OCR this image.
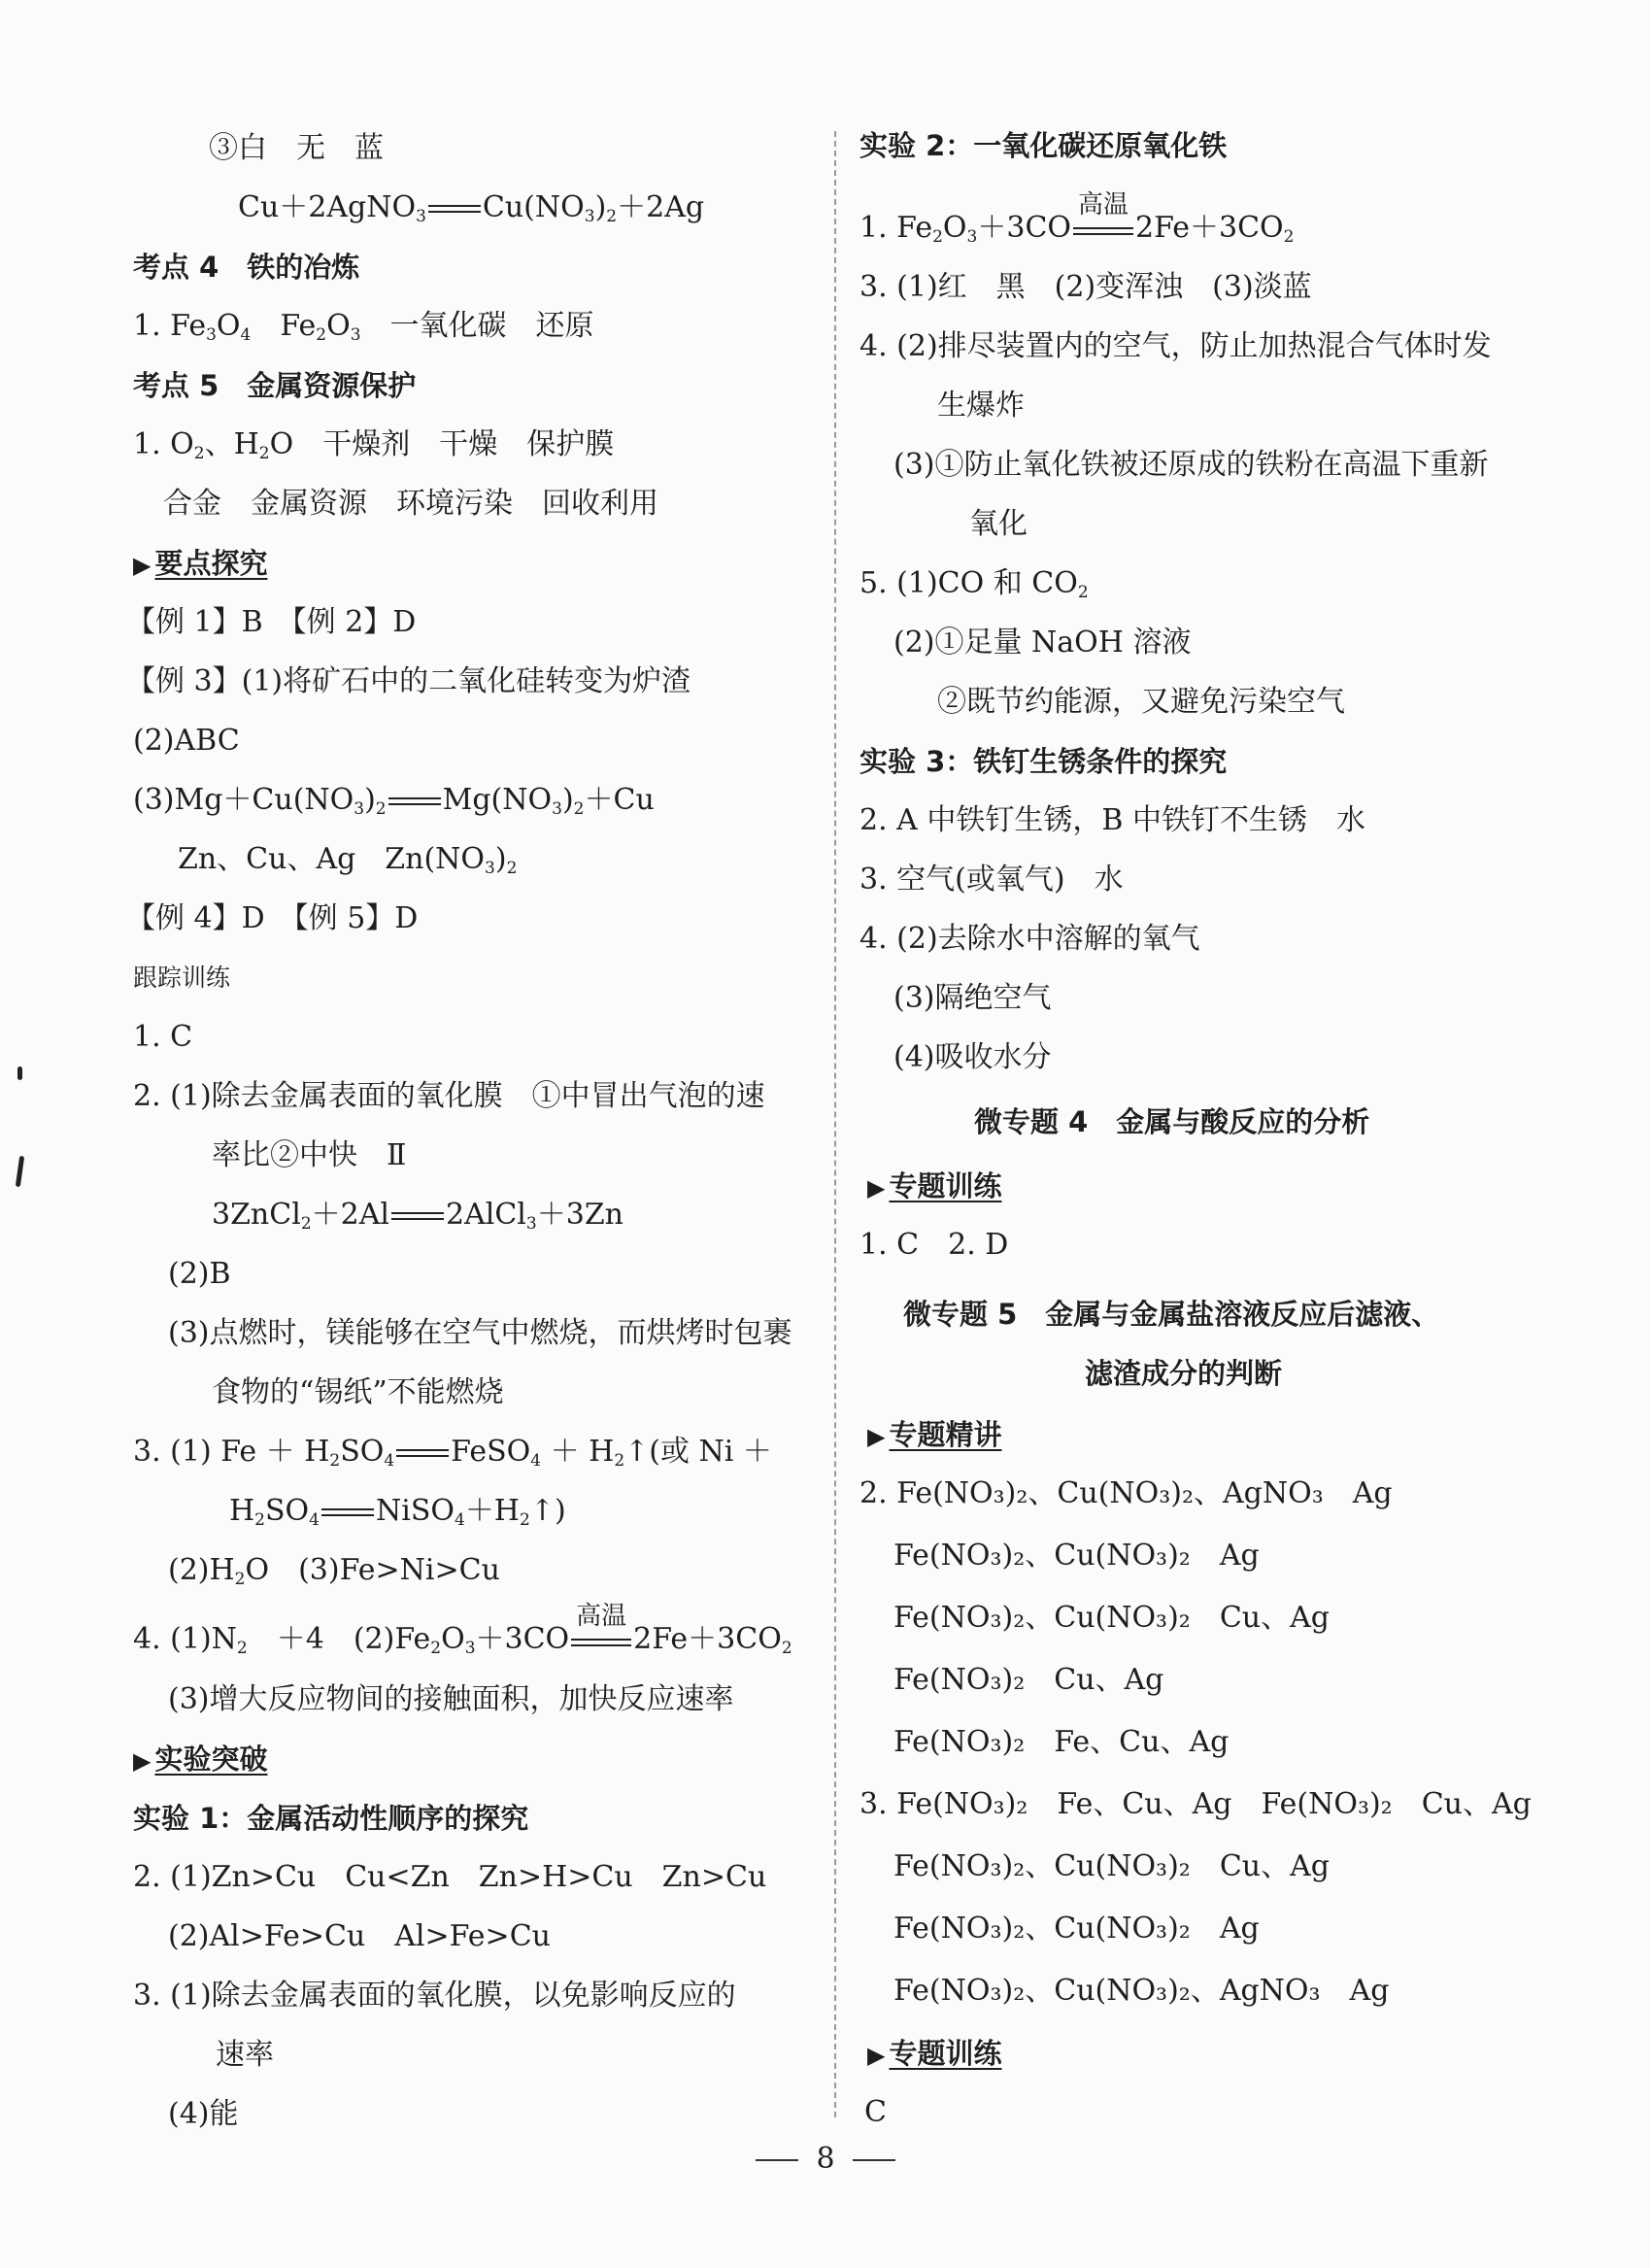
③白　无　蓝
Cu＋2AgNO$_3$ $Cu(NO_3)_2+2Ag$
考点 4　铁的冶炼
1. $Fe_3O_4$　$Fe_2O_3$　一氧化碳　还原
考点 5　金属资源保护
1. $O_2$、$H_2O$　干燥剂　干燥　保护膜
合金　金属资源　环境污染　回收利用
▶ 要点探究
【例 1】B　【例 2】D
【例 3】(1)将矿石中的二氧化硅转变为炉渣
(2)ABC
$(3)Mg+Cu(NO_3)_2$ $Mg(NO_3)_2+Cu$
Zn、Cu、Ag　$Zn(NO_3)_2$
【例 4】D　【例 5】D
跟踪训练
1. C
2. (1)除去金属表面的氧化膜　①中冒出气泡的速
率比②中快　Ⅱ
3ZnCl$_2$＋2Al 2AlCl$_3$＋3Zn
(2)B
(3)点燃时，镁能够在空气中燃烧，而烘烤时包裹
食物的“锡纸”不能燃烧
3. (1) $Fe + H_2SO_4$ FeSO$_4$ ＋ $H_2↑$(或 Ni ＋
$H_2SO_4$ $NiSO_4+H_2↑$)
$(2)H_2O$　(3)Fe>Ni>Cu
4. $(1)N_2$　＋4　$(2)Fe_2O_3+3CO$
高温
$2Fe+3CO_2$
(3)增大反应物间的接触面积，加快反应速率
▶ 实验突破
实验 1：金属活动性顺序的探究
2. (1)Zn>Cu　Cu<Zn　Zn>H>Cu　Zn>Cu
(2)Al>Fe>Cu　Al>Fe>Cu
3. (1)除去金属表面的氧化膜，以免影响反应的
速率
(4)能
实验 2：一氧化碳还原氧化铁
1. $Fe_2O_3+3CO$
高温
$2Fe+3CO_2$
3. (1)红　黑　(2)变浑浊　(3)淡蓝
4. (2)排尽装置内的空气，防止加热混合气体时发
生爆炸
(3)①防止氧化铁被还原成的铁粉在高温下重新
氧化
5. (1)CO 和 $CO_2$
(2)①足量 NaOH 溶液
②既节约能源，又避免污染空气
实验 3：铁钉生锈条件的探究
2. A 中铁钉生锈，B 中铁钉不生锈　水
3. 空气(或氧气)　水
4. (2)去除水中溶解的氧气
(3)隔绝空气
(4)吸收水分
微专题 4　金属与酸反应的分析
▶ 专题训练
1. C　2. D
微专题 5　金属与金属盐溶液反应后滤液、
滤渣成分的判断
▶ 专题精讲
2. Fe(NO₃)₂、Cu(NO₃)₂、AgNO₃　Ag
Fe(NO₃)₂、Cu(NO₃)₂　Ag
Fe(NO₃)₂、Cu(NO₃)₂　Cu、Ag
Fe(NO₃)₂　Cu、Ag
Fe(NO₃)₂　Fe、Cu、Ag
3. Fe(NO₃)₂　Fe、Cu、Ag　Fe(NO₃)₂　Cu、Ag
Fe(NO₃)₂、Cu(NO₃)₂　Cu、Ag
Fe(NO₃)₂、Cu(NO₃)₂　Ag
Fe(NO₃)₂、Cu(NO₃)₂、AgNO₃　Ag
▶ 专题训练
C
8
